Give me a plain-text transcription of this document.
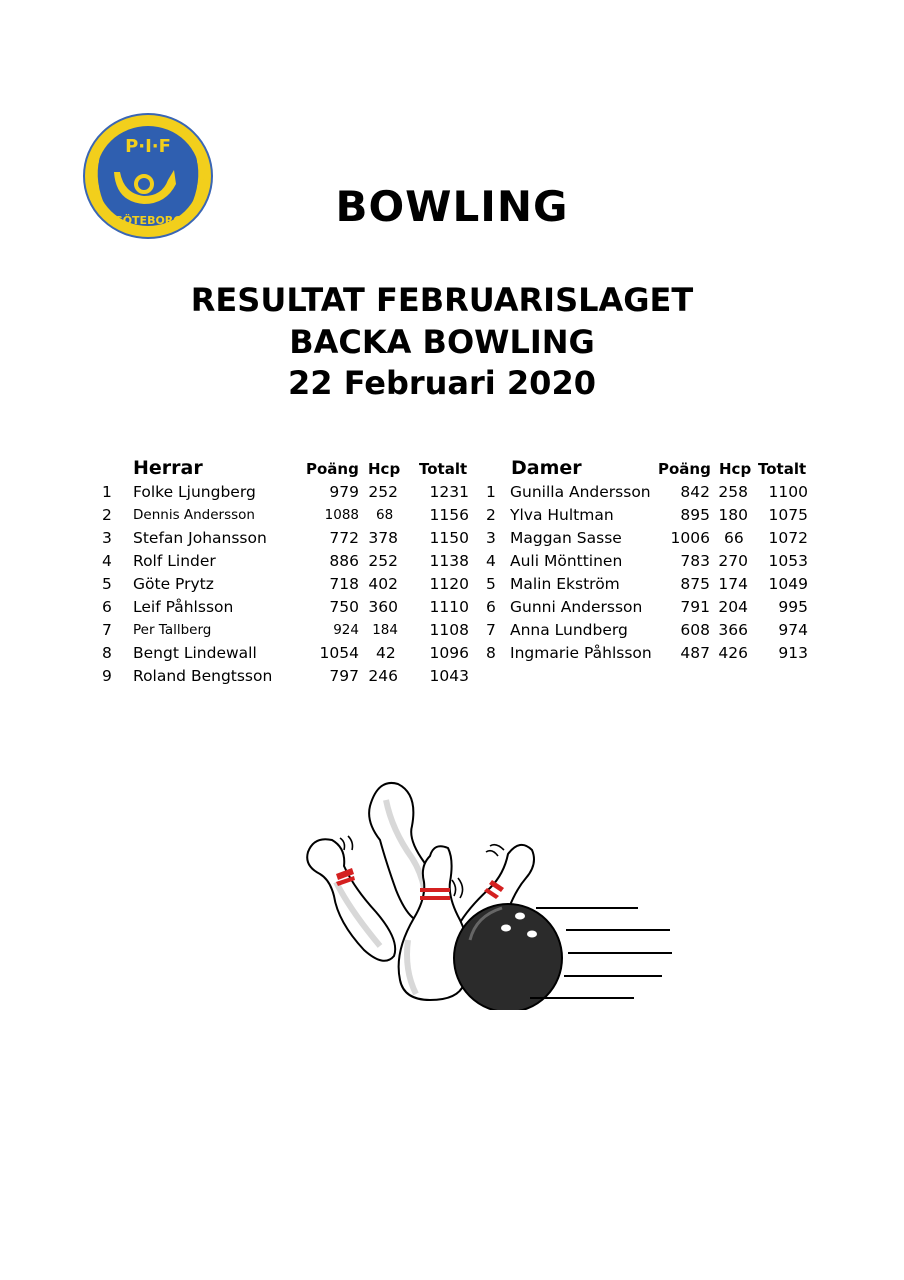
P·I·F
GÖTEBORG	BOWLING
RESULTAT FEBRUARISLAGET
BACKA BOWLING
22 Februari 2020
Herrar	Poäng Hcp Totalt Damer	Poäng Hcp Totalt
1 Folke Ljungberg	979 252	1231
2 Dennis Andersson	1088 68	1156
3 Stefan Johansson	772 378	1150
4 Rolf Linder	886 252	1138
5 Göte Prytz	718 402	1120
6 Leif Påhlsson	750 360	1110
7 Per Tallberg	924 184	1108
8 Bengt Lindewall	1054 42	1096
9 Roland Bengtsson	797 246	1043
1 Gunilla Andersson	842 258	1100
2 Ylva Hultman	895 180	1075
3 Maggan Sasse	1006 66	1072
4 Auli Mönttinen	783 270	1053
5 Malin Ekström	875 174	1049
6 Gunni Andersson	791 204	995
7 Anna Lundberg	608 366	974
8 Ingmarie Påhlsson	487 426	913
